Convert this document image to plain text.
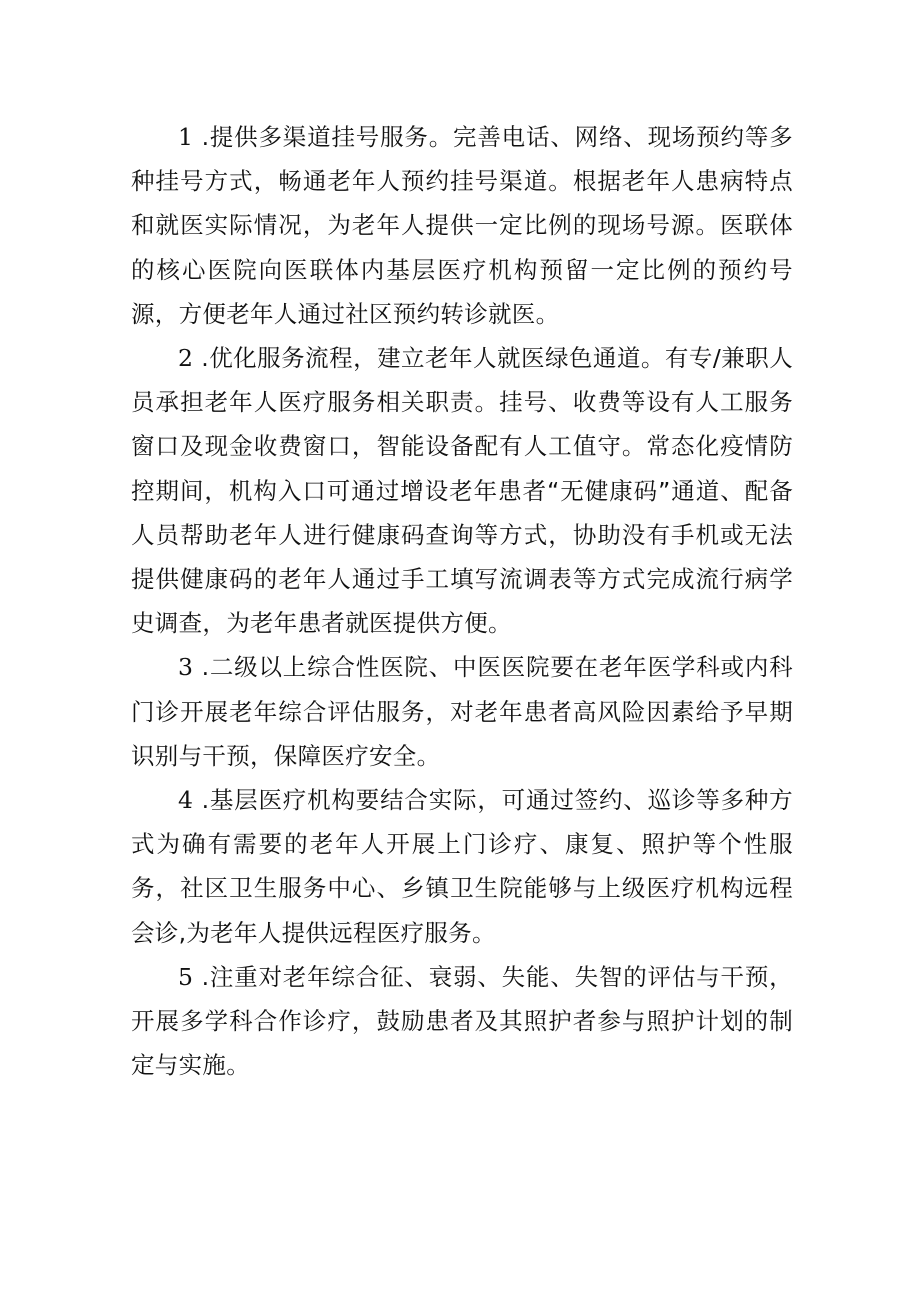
1 .提供多渠道挂号服务。完善电话、网络、现场预约等多种挂号方式，畅通老年人预约挂号渠道。根据老年人患病特点和就医实际情况，为老年人提供一定比例的现场号源。医联体的核心医院向医联体内基层医疗机构预留一定比例的预约号源，方便老年人通过社区预约转诊就医。

2 .优化服务流程，建立老年人就医绿色通道。有专/兼职人员承担老年人医疗服务相关职责。挂号、收费等设有人工服务窗口及现金收费窗口，智能设备配有人工值守。常态化疫情防控期间，机构入口可通过增设老年患者“无健康码”通道、配备人员帮助老年人进行健康码查询等方式，协助没有手机或无法提供健康码的老年人通过手工填写流调表等方式完成流行病学史调查，为老年患者就医提供方便。

3 .二级以上综合性医院、中医医院要在老年医学科或内科门诊开展老年综合评估服务，对老年患者高风险因素给予早期识别与干预，保障医疗安全。

4 .基层医疗机构要结合实际，可通过签约、巡诊等多种方式为确有需要的老年人开展上门诊疗、康复、照护等个性服务，社区卫生服务中心、乡镇卫生院能够与上级医疗机构远程会诊,为老年人提供远程医疗服务。

5 .注重对老年综合征、衰弱、失能、失智的评估与干预，开展多学科合作诊疗，鼓励患者及其照护者参与照护计划的制定与实施。
